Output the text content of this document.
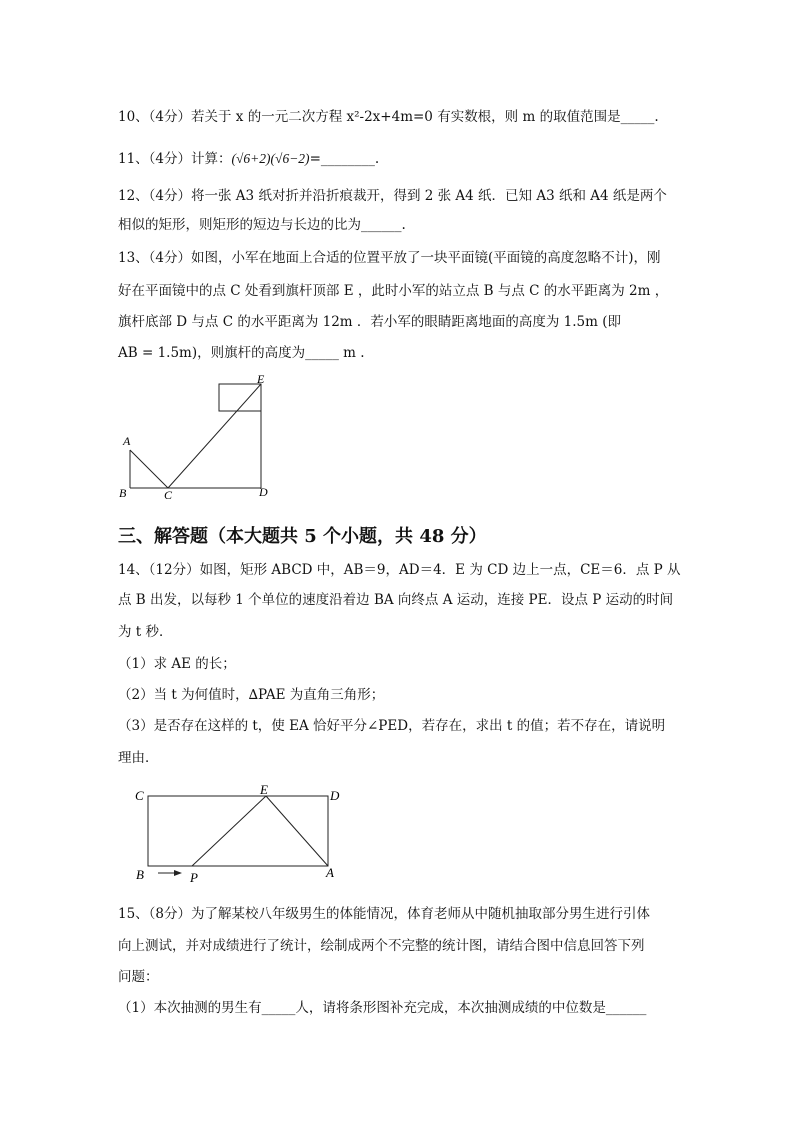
10、（4分）若关于 x 的一元二次方程 x²-2x+4m=0 有实数根，则 m 的取值范围是_____.
11、（4分）计算：(√6+2)(√6−2)=________.
12、（4分）将一张 A3 纸对折并沿折痕裁开，得到 2 张 A4 纸．已知 A3 纸和 A4 纸是两个
相似的矩形，则矩形的短边与长边的比为______.
13、（4分）如图，小军在地面上合适的位置平放了一块平面镜(平面镜的高度忽略不计)，刚
好在平面镜中的点 C 处看到旗杆顶部 E ，此时小军的站立点 B 与点 C 的水平距离为 2m ，
旗杆底部 D 与点 C 的水平距离为 12m ．若小军的眼睛距离地面的高度为 1.5m (即
AB = 1.5m)，则旗杆的高度为_____ m .
E
A
B	C	D
三、解答题（本大题共 5 个小题，共 48 分）
14、（12分）如图，矩形 ABCD 中，AB＝9，AD＝4．E 为 CD 边上一点，CE＝6．点 P 从
点 B 出发，以每秒 1 个单位的速度沿着边 BA 向终点 A 运动，连接 PE．设点 P 运动的时间
为 t 秒．
（1）求 AE 的长；
（2）当 t 为何值时，∆PAE 为直角三角形；
（3）是否存在这样的 t，使 EA 恰好平分∠PED，若存在，求出 t 的值；若不存在，请说明
理由．
C	E	D
B	P	A
15、（8分）为了解某校八年级男生的体能情况，体育老师从中随机抽取部分男生进行引体
向上测试，并对成绩进行了统计，绘制成两个不完整的统计图，请结合图中信息回答下列
问题：
（1）本次抽测的男生有_____人，请将条形图补充完成，本次抽测成绩的中位数是______
